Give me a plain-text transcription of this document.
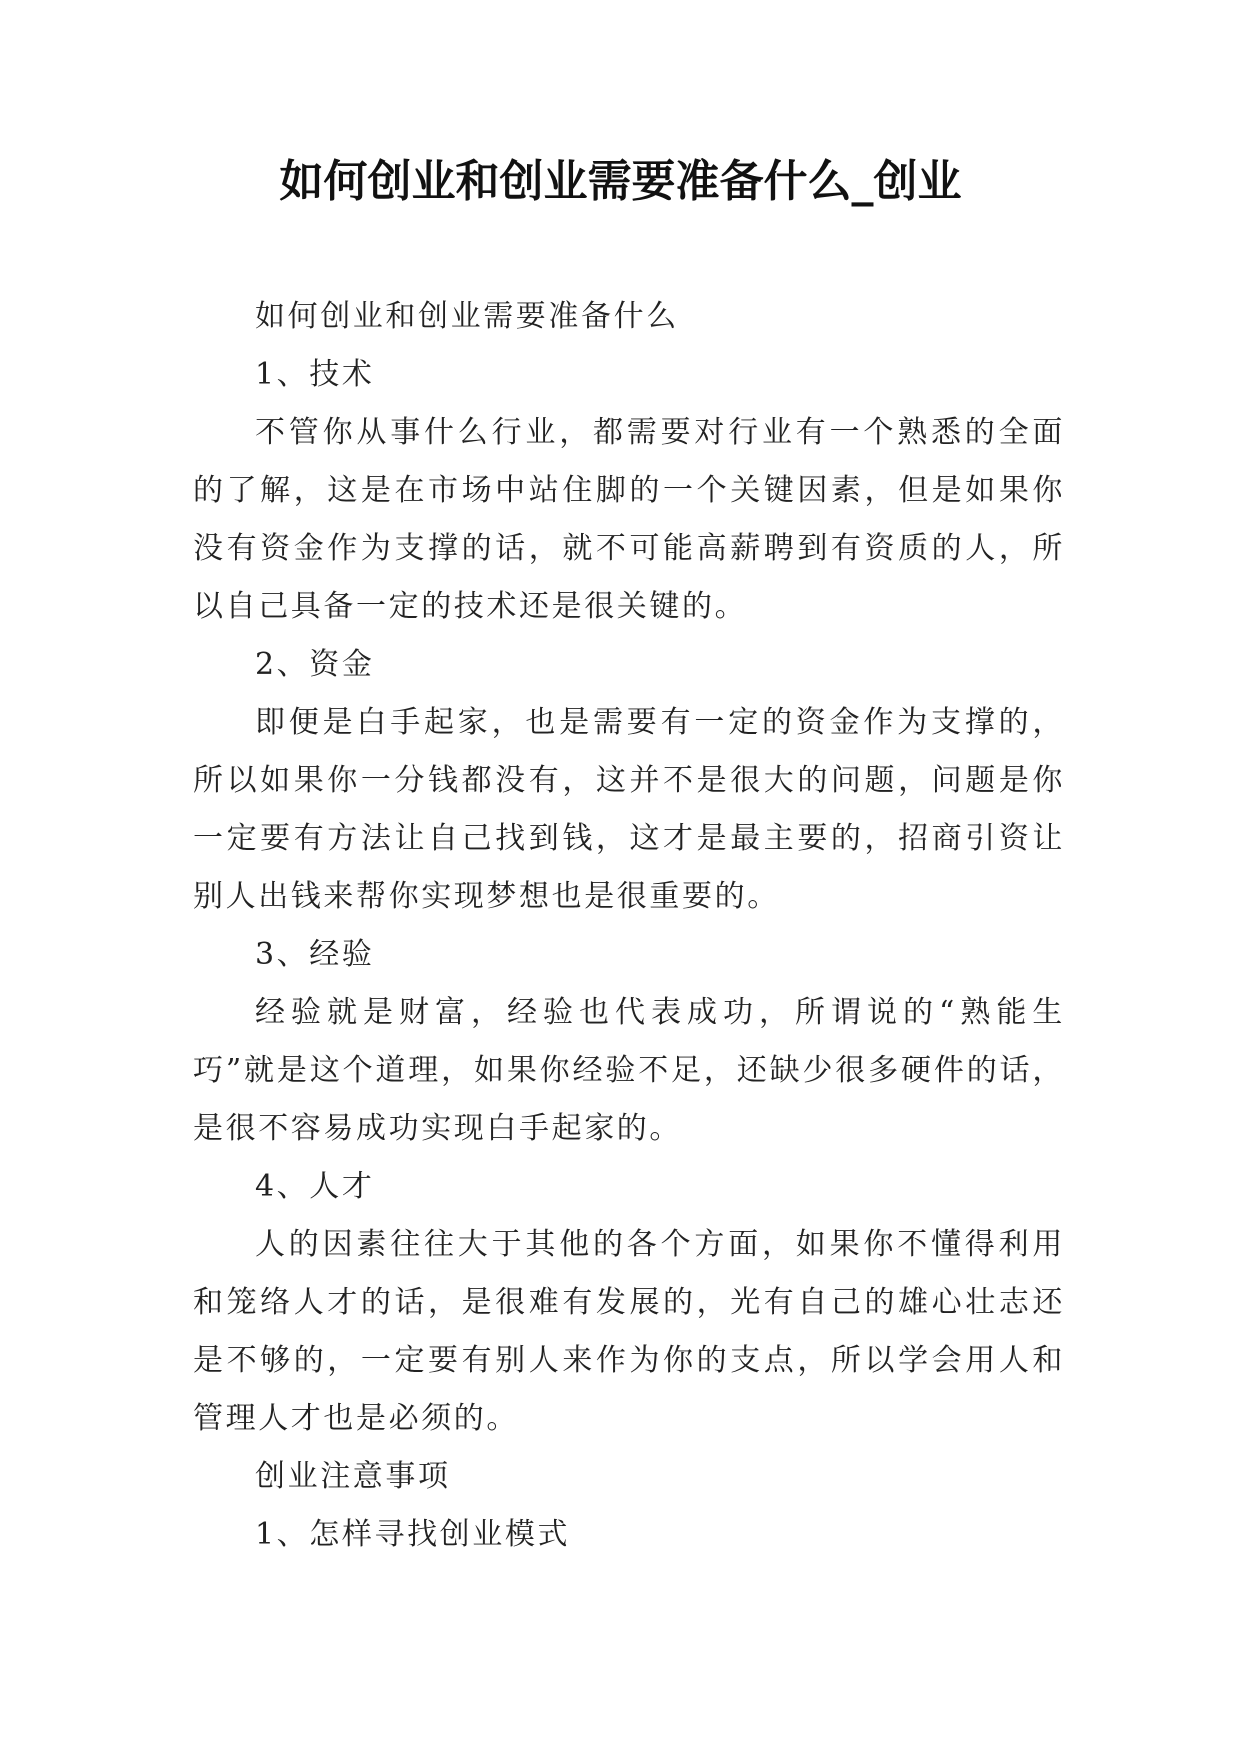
如何创业和创业需要准备什么_创业

如何创业和创业需要准备什么

1、技术

不管你从事什么行业，都需要对行业有一个熟悉的全面的了解，这是在市场中站住脚的一个关键因素，但是如果你没有资金作为支撑的话，就不可能高薪聘到有资质的人，所以自己具备一定的技术还是很关键的。

2、资金

即便是白手起家，也是需要有一定的资金作为支撑的，所以如果你一分钱都没有，这并不是很大的问题，问题是你一定要有方法让自己找到钱，这才是最主要的，招商引资让别人出钱来帮你实现梦想也是很重要的。

3、经验

经验就是财富，经验也代表成功，所谓说的“熟能生巧”就是这个道理，如果你经验不足，还缺少很多硬件的话，是很不容易成功实现白手起家的。

4、人才

人的因素往往大于其他的各个方面，如果你不懂得利用和笼络人才的话，是很难有发展的，光有自己的雄心壮志还是不够的，一定要有别人来作为你的支点，所以学会用人和管理人才也是必须的。

创业注意事项

1、怎样寻找创业模式
